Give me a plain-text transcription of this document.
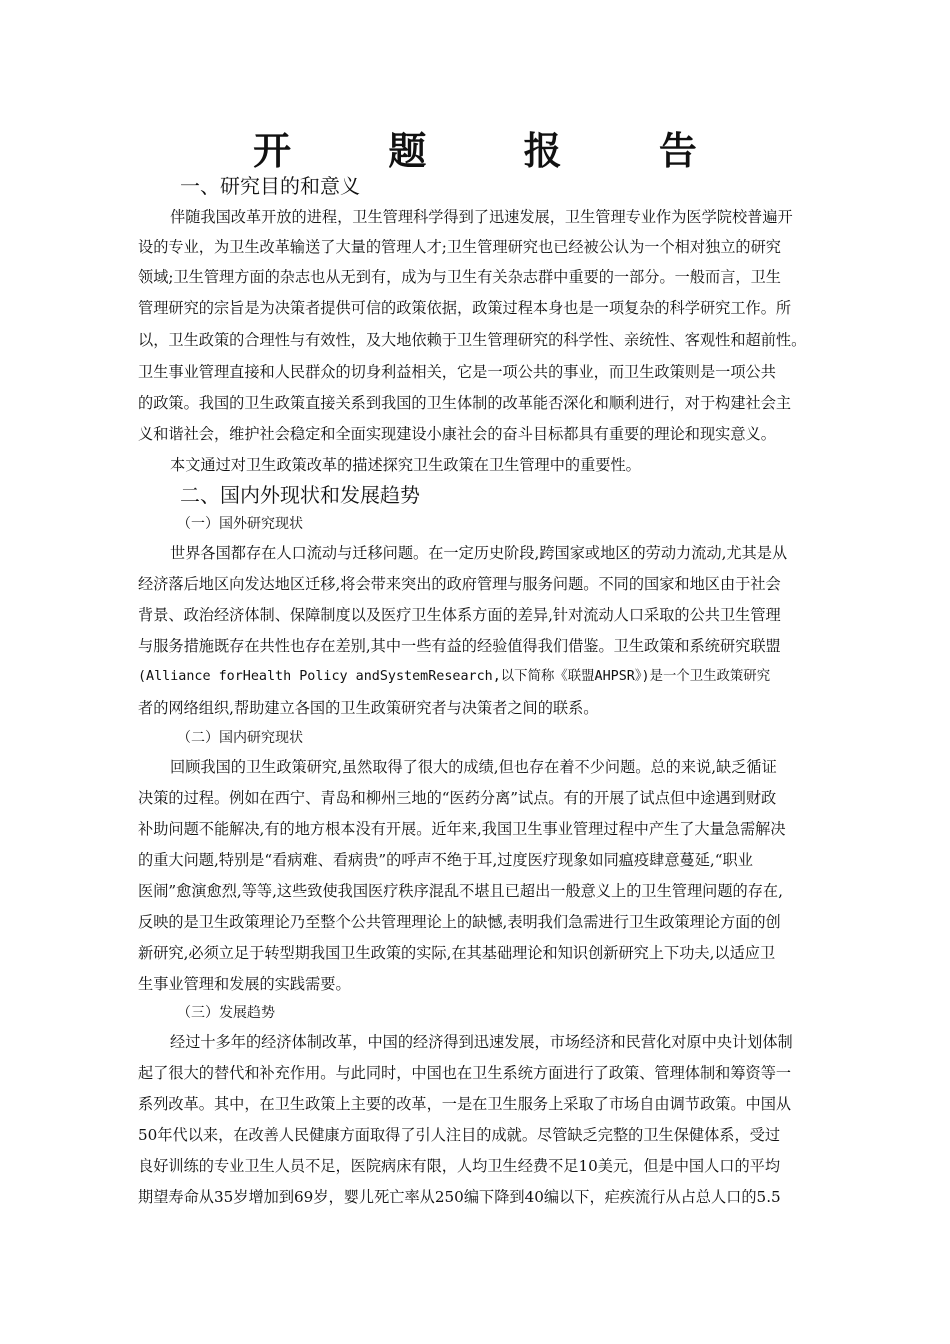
开 题 报 告
一、研究目的和意义
伴随我国改革开放的进程，卫生管理科学得到了迅速发展，卫生管理专业作为医学院校普遍开
设的专业，为卫生改革输送了大量的管理人才;卫生管理研究也已经被公认为一个相对独立的研究
领域;卫生管理方面的杂志也从无到有，成为与卫生有关杂志群中重要的一部分。一般而言，卫生
管理研究的宗旨是为决策者提供可信的政策依据，政策过程本身也是一项复杂的科学研究工作。所
以，卫生政策的合理性与有效性，及大地依赖于卫生管理研究的科学性、亲统性、客观性和超前性。
卫生事业管理直接和人民群众的切身利益相关，它是一项公共的事业，而卫生政策则是一项公共
的政策。我国的卫生政策直接关系到我国的卫生体制的改革能否深化和顺利进行，对于构建社会主
义和谐社会，维护社会稳定和全面实现建设小康社会的奋斗目标都具有重要的理论和现实意义。
本文通过对卫生政策改革的描述探究卫生政策在卫生管理中的重要性。
二、国内外现状和发展趋势
（一）国外研究现状
世界各国都存在人口流动与迁移问题。在一定历史阶段,跨国家或地区的劳动力流动,尤其是从
经济落后地区向发达地区迁移,将会带来突出的政府管理与服务问题。不同的国家和地区由于社会
背景、政治经济体制、保障制度以及医疗卫生体系方面的差异,针对流动人口采取的公共卫生管理
与服务措施既存在共性也存在差别,其中一些有益的经验值得我们借鉴。卫生政策和系统研究联盟
(Alliance forHealth Policy andSystemResearch,以下简称《联盟AHPSR》)是一个卫生政策研究
者的网络组织,帮助建立各国的卫生政策研究者与决策者之间的联系。
（二）国内研究现状
回顾我国的卫生政策研究,虽然取得了很大的成绩,但也存在着不少问题。总的来说,缺乏循证
决策的过程。例如在西宁、青岛和柳州三地的“医药分离”试点。有的开展了试点但中途遇到财政
补助问题不能解决,有的地方根本没有开展。近年来,我国卫生事业管理过程中产生了大量急需解决
的重大问题,特别是“看病难、看病贵”的呼声不绝于耳,过度医疗现象如同瘟疫肆意蔓延,“职业
医闹”愈演愈烈,等等,这些致使我国医疗秩序混乱不堪且已超出一般意义上的卫生管理问题的存在,
反映的是卫生政策理论乃至整个公共管理理论上的缺憾,表明我们急需进行卫生政策理论方面的创
新研究,必须立足于转型期我国卫生政策的实际,在其基础理论和知识创新研究上下功夫,以适应卫
生事业管理和发展的实践需要。
（三）发展趋势
经过十多年的经济体制改革，中国的经济得到迅速发展，市场经济和民营化对原中央计划体制
起了很大的替代和补充作用。与此同时，中国也在卫生系统方面进行了政策、管理体制和筹资等一
系列改革。其中，在卫生政策上主要的改革，一是在卫生服务上采取了市场自由调节政策。中国从
50年代以来，在改善人民健康方面取得了引人注目的成就。尽管缺乏完整的卫生保健体系，受过
良好训练的专业卫生人员不足，医院病床有限，人均卫生经费不足10美元，但是中国人口的平均
期望寿命从35岁增加到69岁，婴儿死亡率从250编下降到40编以下，疟疾流行从占总人口的5.5
